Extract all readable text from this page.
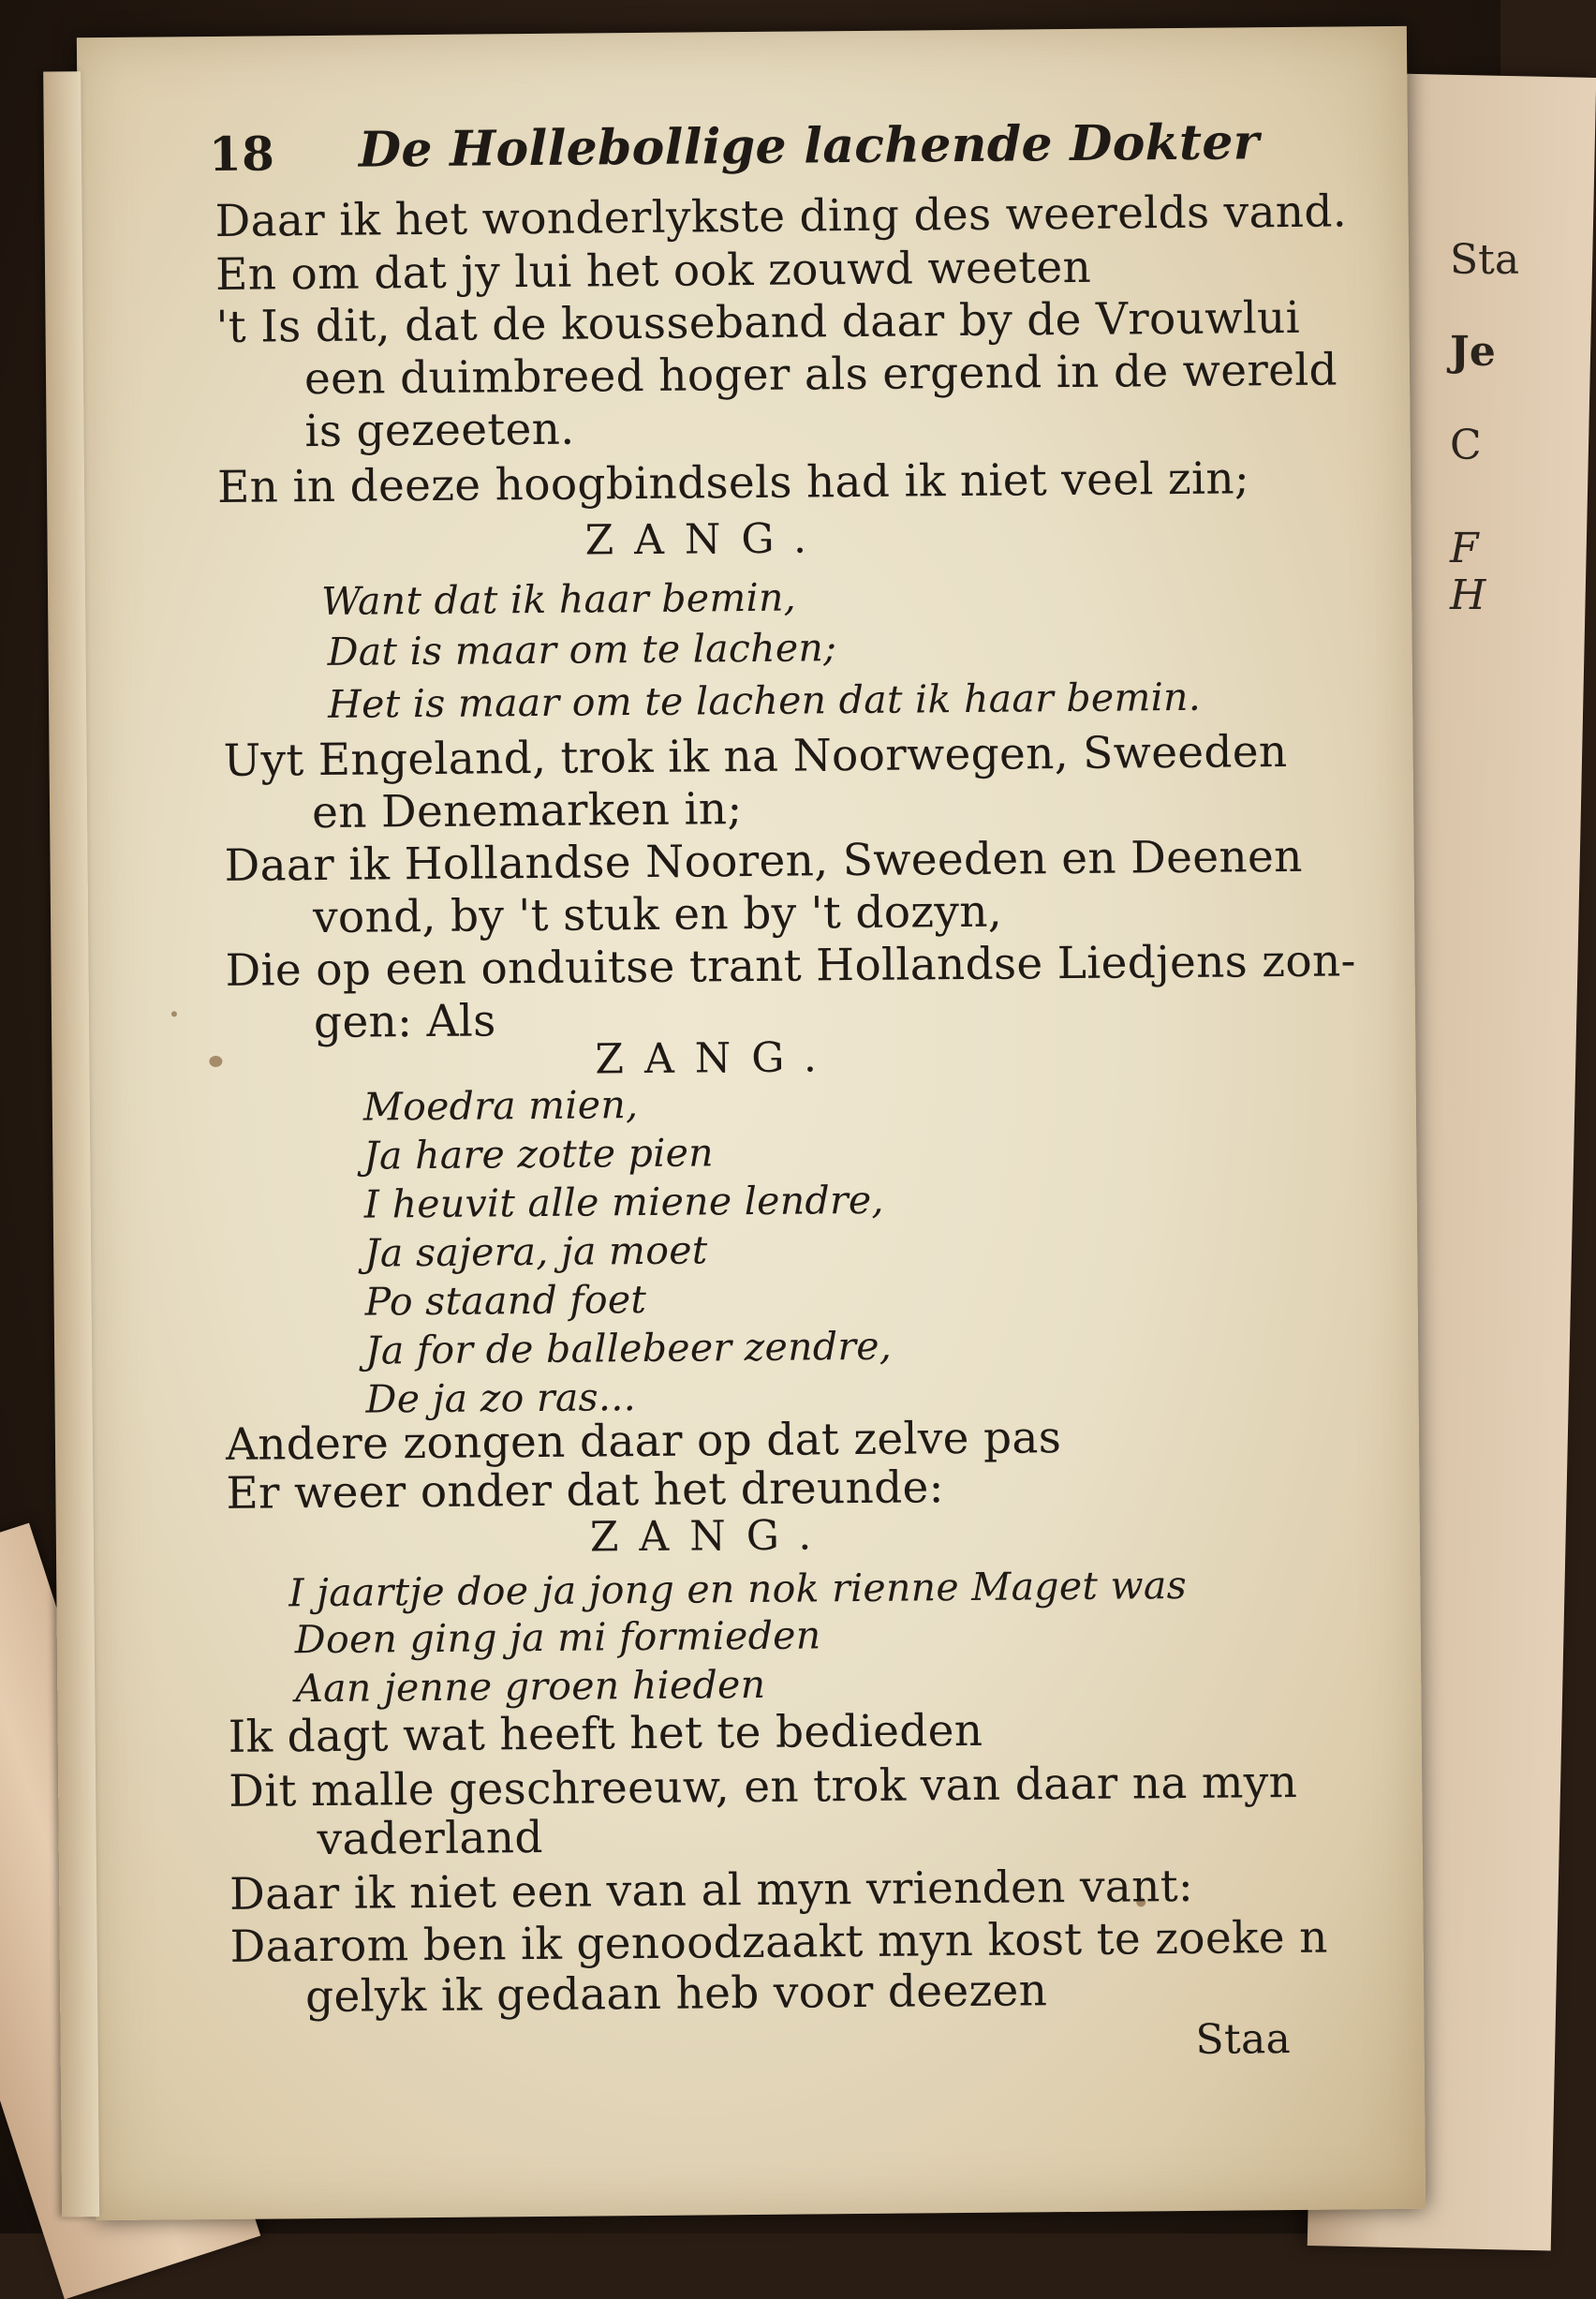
Sta
Je
C
F
H
18 De Hollebollige lachende Dokter
Daar ik het wonderlykste ding des weerelds vand.
En om dat jy lui het ook zouwd weeten
't Is dit, dat de kousseband daar by de Vrouwlui
een duimbreed hoger als ergend in de wereld
is gezeeten.
En in deeze hoogbindsels had ik niet veel zin;
ZANG.
Want dat ik haar bemin,
Dat is maar om te lachen;
Het is maar om te lachen dat ik haar bemin.
Uyt Engeland, trok ik na Noorwegen, Sweeden
en Denemarken in;
Daar ik Hollandse Nooren, Sweeden en Deenen
vond, by 't stuk en by 't dozyn,
Die op een onduitse trant Hollandse Liedjens zon-
gen: Als
ZANG.
Moedra mien,
Ja hare zotte pien
I heuvit alle miene lendre,
Ja sajera, ja moet
Po staand foet
Ja for de ballebeer zendre,
De ja zo ras...
Andere zongen daar op dat zelve pas
Er weer onder dat het dreunde:
ZANG.
I jaartje doe ja jong en nok rienne Maget was
Doen ging ja mi formieden
Aan jenne groen hieden
Ik dagt wat heeft het te bedieden
Dit malle geschreeuw, en trok van daar na myn
vaderland
Daar ik niet een van al myn vrienden vant:
Daarom ben ik genoodzaakt myn kost te zoeke n
gelyk ik gedaan heb voor deezen
Staa
